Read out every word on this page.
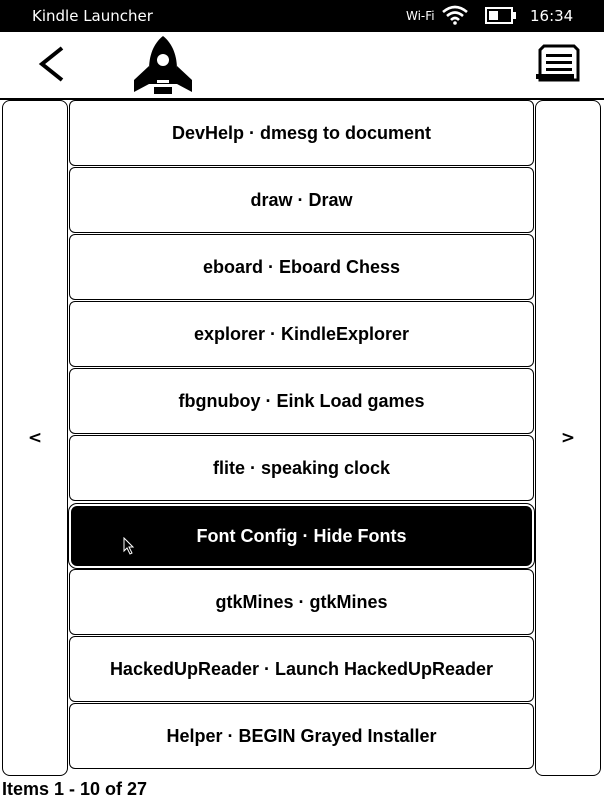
Kindle Launcher	Wi-Fi	16:34
<	>
DevHelp · dmesg to document
draw · Draw
eboard · Eboard Chess
explorer · KindleExplorer
fbgnuboy · Eink Load games
flite · speaking clock
Font Config · Hide Fonts
gtkMines · gtkMines
HackedUpReader · Launch HackedUpReader
Helper · BEGIN Grayed Installer
Items 1 - 10 of 27
